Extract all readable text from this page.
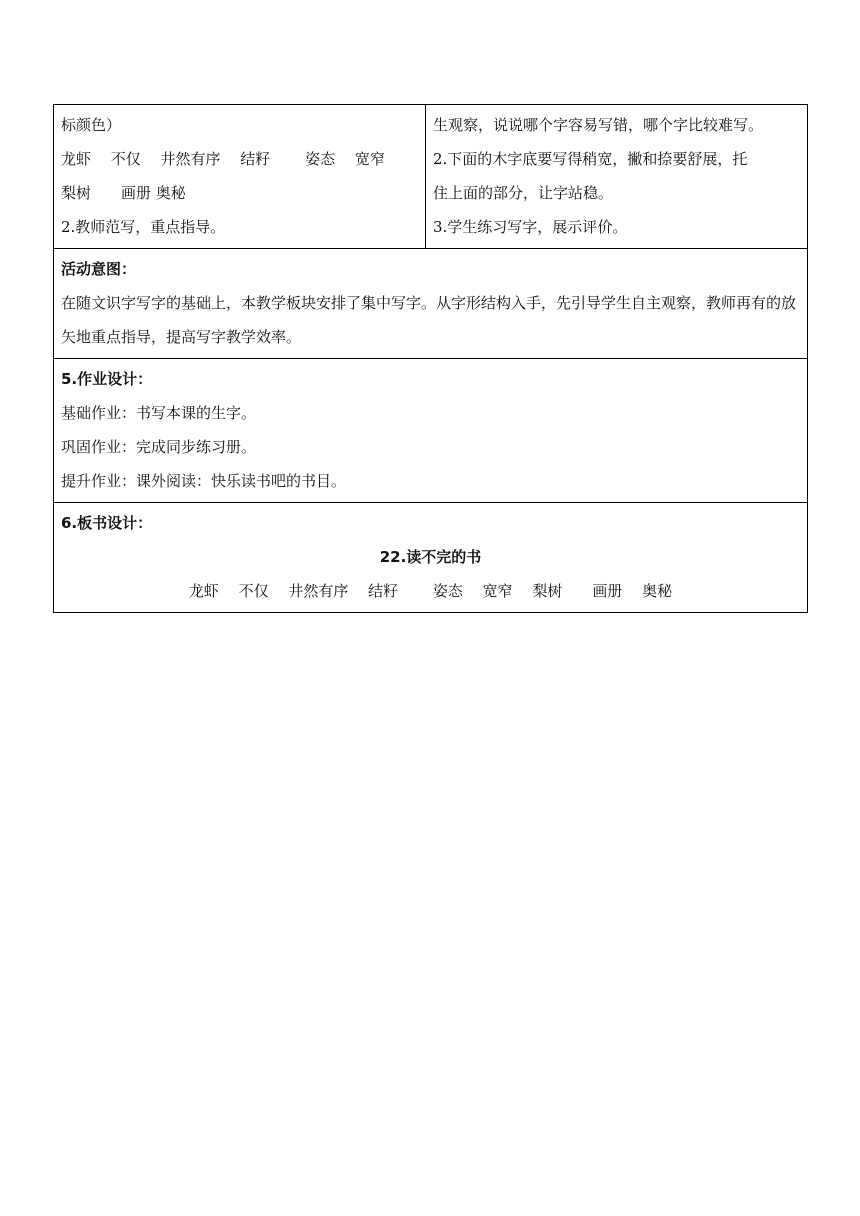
标颜色）
龙虾　 不仅　 井然有序　 结籽　　 姿态　 宽窄
梨树　　画册 奥秘
2.教师范写，重点指导。

生观察，说说哪个字容易写错，哪个字比较难写。
2.下面的木字底要写得稍宽，撇和捺要舒展，托
住上面的部分，让字站稳。
3.学生练习写字，展示评价。

活动意图：
在随文识字写字的基础上，本教学板块安排了集中写字。从字形结构入手，先引导学生自主观察，教师再有的放矢地重点指导，提高写字教学效率。

5.作业设计：
基础作业：书写本课的生字。
巩固作业：完成同步练习册。
提升作业：课外阅读：快乐读书吧的书目。

6.板书设计：
22.读不完的书
龙虾　 不仅　 井然有序　 结籽　　 姿态　 宽窄　 梨树　　画册　 奥秘
